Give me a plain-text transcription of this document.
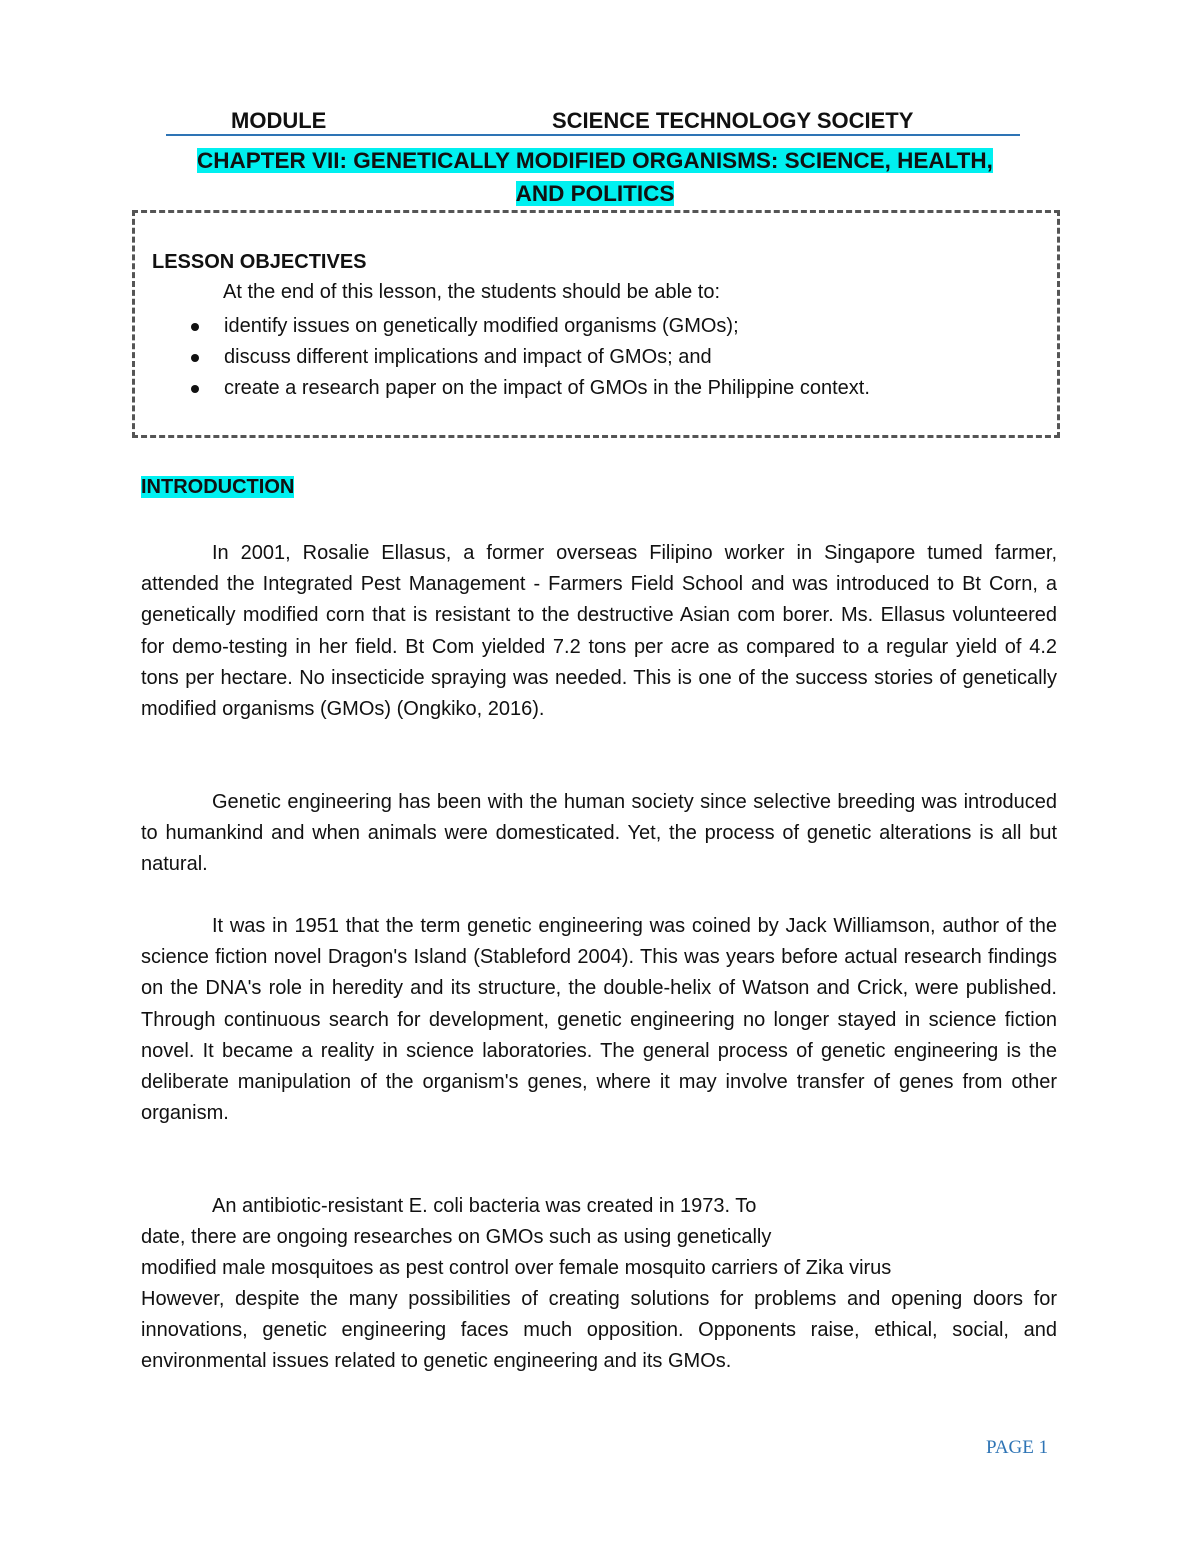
MODULE	SCIENCE TECHNOLOGY SOCIETY
CHAPTER VII: GENETICALLY MODIFIED ORGANISMS: SCIENCE, HEALTH,
AND POLITICS
LESSON OBJECTIVES
At the end of this lesson, the students should be able to:
identify issues on genetically modified organisms (GMOs);
discuss different implications and impact of GMOs; and
create a research paper on the impact of GMOs in the Philippine context.
INTRODUCTION
In 2001, Rosalie Ellasus, a former overseas Filipino worker in Singapore tumed farmer, attended the Integrated Pest Management - Farmers Field School and was introduced to Bt Corn, a genetically modified corn that is resistant to the destructive Asian com borer. Ms. Ellasus volunteered for demo-testing in her field. Bt Com yielded 7.2 tons per acre as compared to a regular yield of 4.2 tons per hectare. No insecticide spraying was needed. This is one of the success stories of genetically modified organisms (GMOs) (Ongkiko, 2016).
Genetic engineering has been with the human society since selective breeding was introduced to humankind and when animals were domesticated. Yet, the process of genetic alterations is all but natural.
It was in 1951 that the term genetic engineering was coined by Jack Williamson, author of the science fiction novel Dragon's Island (Stableford 2004). This was years before actual research findings on the DNA's role in heredity and its structure, the double-helix of Watson and Crick, were published. Through continuous search for development, genetic engineering no longer stayed in science fiction novel. It became a reality in science laboratories. The general process of genetic engineering is the deliberate manipulation of the organism's genes, where it may involve transfer of genes from other organism.
An antibiotic-resistant E. coli bacteria was created in 1973. To
date, there are ongoing researches on GMOs such as using genetically
modified male mosquitoes as pest control over female mosquito carriers of Zika virus
However, despite the many possibilities of creating solutions for problems and opening doors for innovations, genetic engineering faces much opposition. Opponents raise, ethical, social, and environmental issues related to genetic engineering and its GMOs.
PAGE 1
